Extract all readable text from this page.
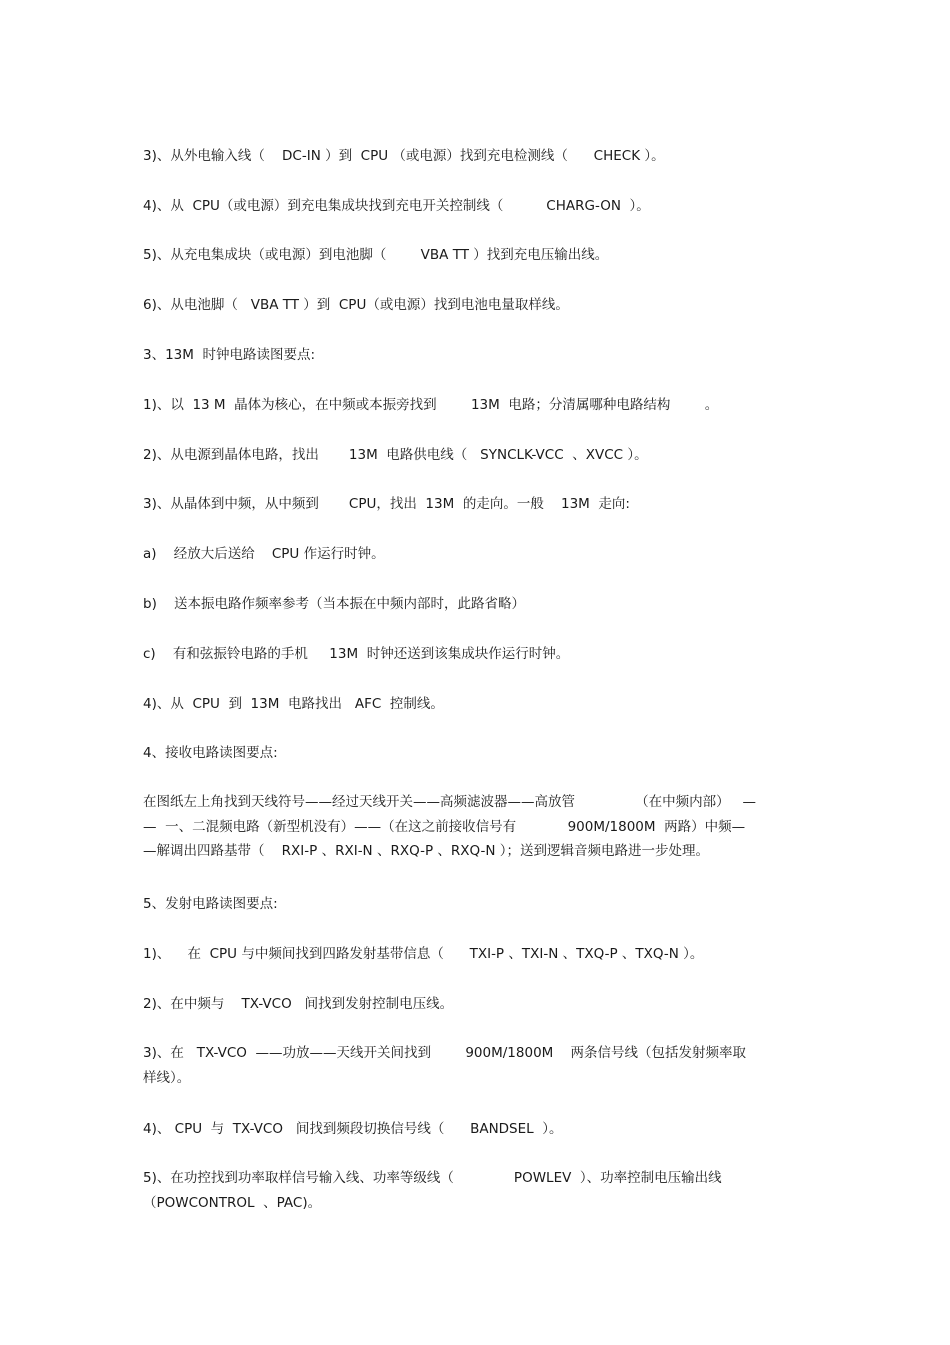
3)、从外电输入线（    DC-IN ）到  CPU （或电源）找到充电检测线（      CHECK ）。

4)、从  CPU（或电源）到充电集成块找到充电开关控制线（          CHARG-ON  ）。

5)、从充电集成块（或电源）到电池脚（        VBA TT ）找到充电压输出线。

6)、从电池脚（   VBA TT ）到  CPU（或电源）找到电池电量取样线。

3、13M  时钟电路读图要点:

1)、以  13 M  晶体为核心，在中频或本振旁找到        13M  电路；分清属哪种电路结构        。

2)、从电源到晶体电路，找出       13M  电路供电线（   SYNCLK-VCC  、XVCC ）。

3)、从晶体到中频，从中频到       CPU，找出  13M  的走向。一般    13M  走向:

a)    经放大后送给    CPU 作运行时钟。

b)    送本振电路作频率参考（当本振在中频内部时，此路省略）

c)    有和弦振铃电路的手机     13M  时钟还送到该集成块作运行时钟。

4)、从  CPU  到  13M  电路找出   AFC  控制线。

4、接收电路读图要点:

在图纸左上角找到天线符号——经过天线开关——高频滤波器——高放管              （在中频内部）   —
—  一、二混频电路（新型机没有）——（在这之前接收信号有            900M/1800M  两路）中频—
—解调出四路基带（    RXI-P 、RXI-N 、RXQ-P 、RXQ-N ）；送到逻辑音频电路进一步处理。

5、发射电路读图要点:

1)、    在  CPU 与中频间找到四路发射基带信息（      TXI-P 、TXI-N 、TXQ-P 、TXQ-N ）。

2)、在中频与    TX-VCO   间找到发射控制电压线。

3)、在   TX-VCO  ——功放——天线开关间找到        900M/1800M    两条信号线（包括发射频率取
样线）。

4)、 CPU  与  TX-VCO   间找到频段切换信号线（      BANDSEL  ）。

5)、在功控找到功率取样信号输入线、功率等级线（              POWLEV  ）、功率控制电压输出线
（POWCONTROL  、PAC)。
